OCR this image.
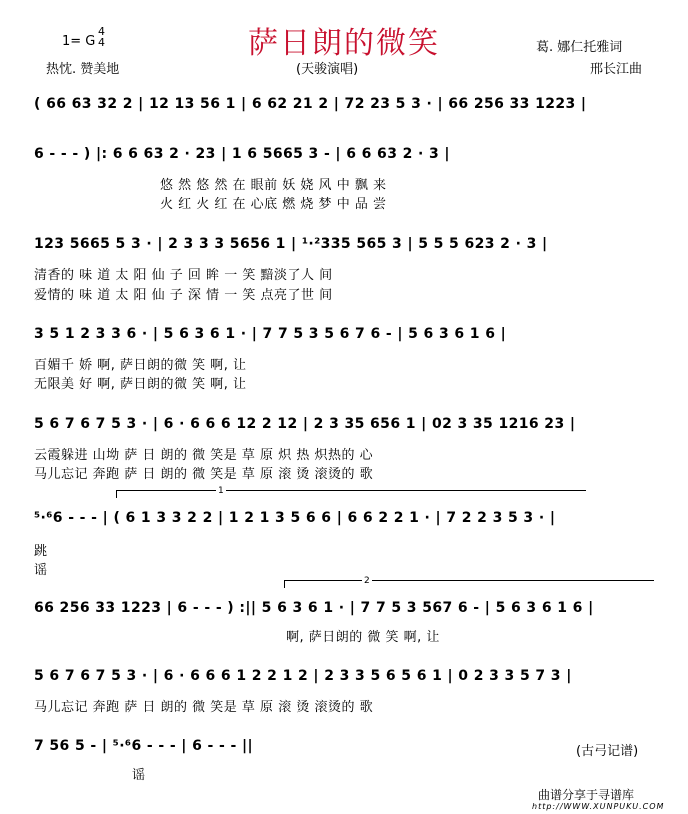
萨日朗的微笑
1= G
4
4
热忱. 赞美地	(天骏演唱)
葛. 娜仁托雅词
邢长江曲
( 66 63 32 2 | 12 13 56 1 | 6 62 21 2 | 72 23 5 3 · | 66 256 33 1223 |
6 - - - ) |: 6 6 63 2 · 23 | 1 6 5665 3 - | 6 6 63 2 · 3 |
悠 然 悠 然 在 眼前 妖 娆 风 中 飘 来
火 红 火 红 在 心底 燃 烧 梦 中 品 尝
123 5665 5 3 · | 2 3 3 3 5656 1 | ¹·²335 565 3 | 5 5 5 623 2 · 3 |
清香的 味 道 太 阳 仙 子 回 眸 一 笑 黯淡了人 间
爱情的 味 道 太 阳 仙 子 深 情 一 笑 点亮了世 间
3 5 1 2 3 3 6 · | 5 6 3 6 1 · | 7 7 5 3 5 6 7 6 - | 5 6 3 6 1 6 |
百媚千 娇 啊, 萨日朗的微 笑 啊, 让
无限美 好 啊, 萨日朗的微 笑 啊, 让
5 6 7 6 7 5 3 · | 6 · 6 6 6 12 2 12 | 2 3 35 656 1 | 02 3 35 1216 23 |
云霞躲进 山坳 萨 日 朗的 微 笑是 草 原 炽 热 炽热的 心
马儿忘记 奔跑 萨 日 朗的 微 笑是 草 原 滚 烫 滚烫的 歌
1
⁵·⁶6 - - - | ( 6 1 3 3 2 2 | 1 2 1 3 5 6 6 | 6 6 2 2 1 · | 7 2 2 3 5 3 · |
跳
谣
2
66 256 33 1223 | 6 - - - ) :|| 5 6 3 6 1 · | 7 7 5 3 567 6 - | 5 6 3 6 1 6 |
啊, 萨日朗的 微 笑 啊, 让
5 6 7 6 7 5 3 · | 6 · 6 6 6 1 2 2 1 2 | 2 3 3 5 6 5 6 1 | 0 2 3 3 5 7 3 |
马儿忘记 奔跑 萨 日 朗的 微 笑是 草 原 滚 烫 滚烫的 歌
7 56 5 - | ⁵·⁶6 - - - | 6 - - - ||
谣
(古弓记谱)
曲谱分享于寻谱库
http://WWW.XUNPUKU.COM
